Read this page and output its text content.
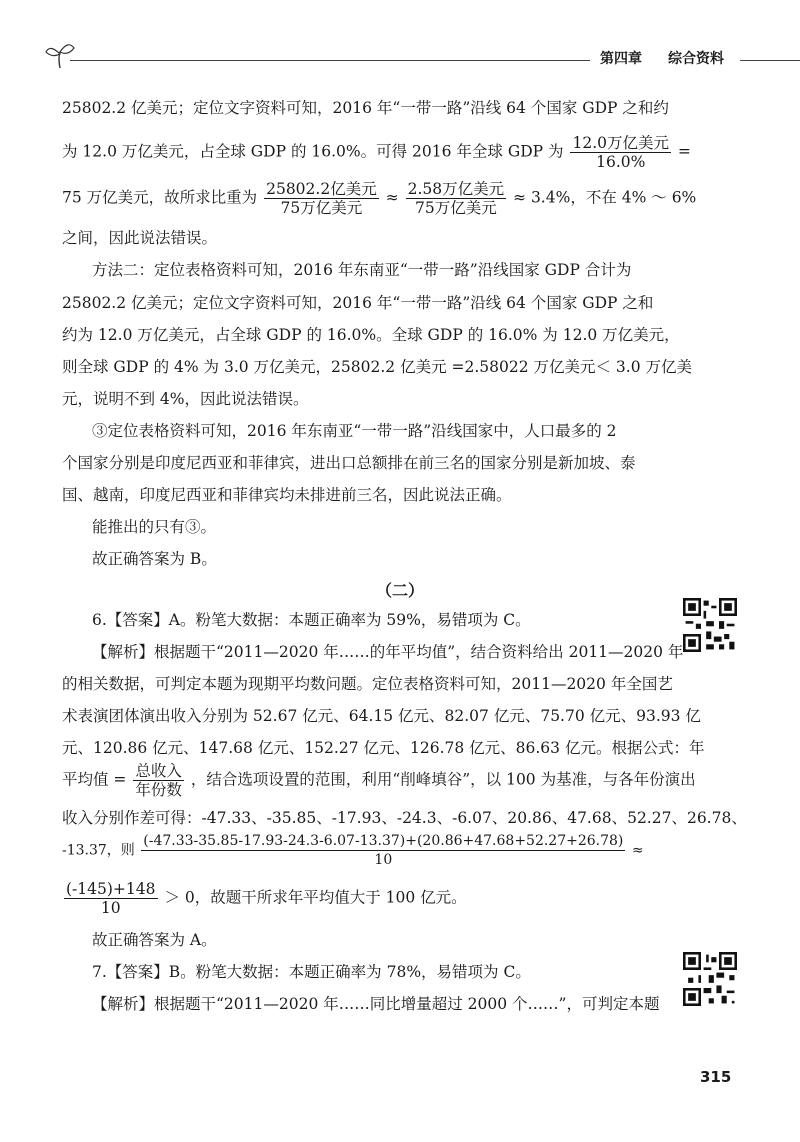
第四章 综合资料
25802.2 亿美元；定位文字资料可知，2016 年“一带一路”沿线 64 个国家 GDP 之和约
为 12.0 万亿美元，占全球 GDP 的 16.0%。可得 2016 年全球 GDP 为 $\frac{\text{12.0万亿美元}}{16.0\%}$ =
75 万亿美元，故所求比重为 $\frac{\text{25802.2亿美元}}{\text{75万亿美元}} \approx \frac{\text{2.58万亿美元}}{\text{75万亿美元}} \approx 3.4\%$，不在 4% ～ 6%
之间，因此说法错误。
方法二：定位表格资料可知，2016 年东南亚“一带一路”沿线国家 GDP 合计为
25802.2 亿美元；定位文字资料可知，2016 年“一带一路”沿线 64 个国家 GDP 之和
约为 12.0 万亿美元，占全球 GDP 的 16.0%。全球 GDP 的 16.0% 为 12.0 万亿美元，
则全球 GDP 的 4% 为 3.0 万亿美元，25802.2 亿美元 =2.58022 万亿美元＜ 3.0 万亿美
元，说明不到 4%，因此说法错误。
③定位表格资料可知，2016 年东南亚“一带一路”沿线国家中，人口最多的 2
个国家分别是印度尼西亚和菲律宾，进出口总额排在前三名的国家分别是新加坡、泰
国、越南，印度尼西亚和菲律宾均未排进前三名，因此说法正确。
能推出的只有③。
故正确答案为 B。
（二）
6.【答案】A。粉笔大数据：本题正确率为 59%，易错项为 C。
【解析】根据题干“2011—2020 年……的年平均值”，结合资料给出 2011—2020 年
的相关数据，可判定本题为现期平均数问题。定位表格资料可知，2011—2020 年全国艺
术表演团体演出收入分别为 52.67 亿元、64.15 亿元、82.07 亿元、75.70 亿元、93.93 亿
元、120.86 亿元、147.68 亿元、152.27 亿元、126.78 亿元、86.63 亿元。根据公式：年
平均值 = $\frac{\text{总收入}}{\text{年份数}}$ ，结合选项设置的范围，利用“削峰填谷”，以 100 为基准，与各年份演出
收入分别作差可得：-47.33、-35.85、-17.93、-24.3、-6.07、20.86、47.68、52.27、26.78、
-13.37，则
(-47.33-35.85-17.93-24.3-6.07-13.37)+(20.86+47.68+52.27+26.78)
10
≈
$\frac{(-145)+148}{10} > 0$，故题干所求年平均值大于 100 亿元。
故正确答案为 A。
7.【答案】B。粉笔大数据：本题正确率为 78%，易错项为 C。
【解析】根据题干“2011—2020 年……同比增量超过 2000 个……”，可判定本题
315
